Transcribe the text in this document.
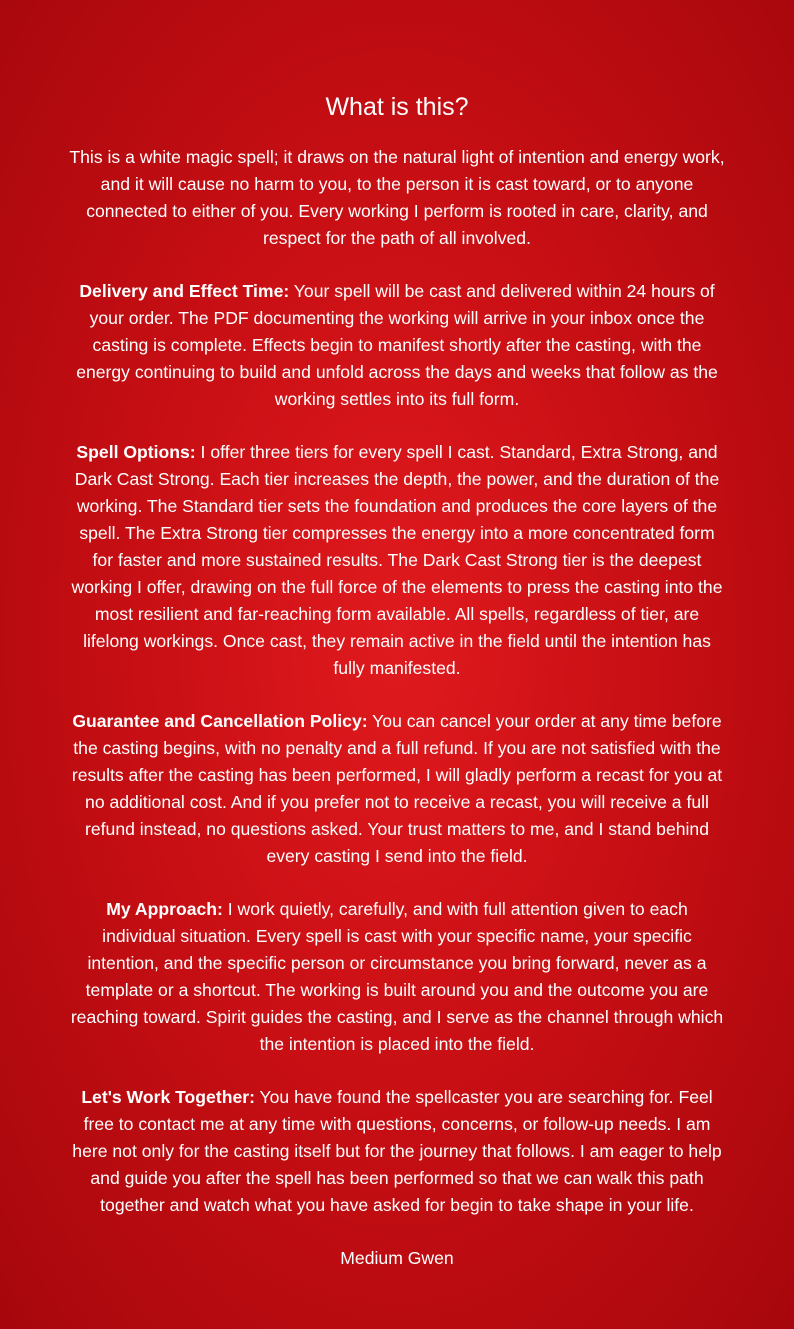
What is this?

This is a white magic spell; it draws on the natural light of intention and energy work, and it will cause no harm to you, to the person it is cast toward, or to anyone connected to either of you. Every working I perform is rooted in care, clarity, and respect for the path of all involved.

Delivery and Effect Time: Your spell will be cast and delivered within 24 hours of your order. The PDF documenting the working will arrive in your inbox once the casting is complete. Effects begin to manifest shortly after the casting, with the energy continuing to build and unfold across the days and weeks that follow as the working settles into its full form.

Spell Options: I offer three tiers for every spell I cast. Standard, Extra Strong, and Dark Cast Strong. Each tier increases the depth, the power, and the duration of the working. The Standard tier sets the foundation and produces the core layers of the spell. The Extra Strong tier compresses the energy into a more concentrated form for faster and more sustained results. The Dark Cast Strong tier is the deepest working I offer, drawing on the full force of the elements to press the casting into the most resilient and far-reaching form available. All spells, regardless of tier, are lifelong workings. Once cast, they remain active in the field until the intention has fully manifested.

Guarantee and Cancellation Policy: You can cancel your order at any time before the casting begins, with no penalty and a full refund. If you are not satisfied with the results after the casting has been performed, I will gladly perform a recast for you at no additional cost. And if you prefer not to receive a recast, you will receive a full refund instead, no questions asked. Your trust matters to me, and I stand behind every casting I send into the field.

My Approach: I work quietly, carefully, and with full attention given to each individual situation. Every spell is cast with your specific name, your specific intention, and the specific person or circumstance you bring forward, never as a template or a shortcut. The working is built around you and the outcome you are reaching toward. Spirit guides the casting, and I serve as the channel through which the intention is placed into the field.

Let's Work Together: You have found the spellcaster you are searching for. Feel free to contact me at any time with questions, concerns, or follow-up needs. I am here not only for the casting itself but for the journey that follows. I am eager to help and guide you after the spell has been performed so that we can walk this path together and watch what you have asked for begin to take shape in your life.

Medium Gwen
